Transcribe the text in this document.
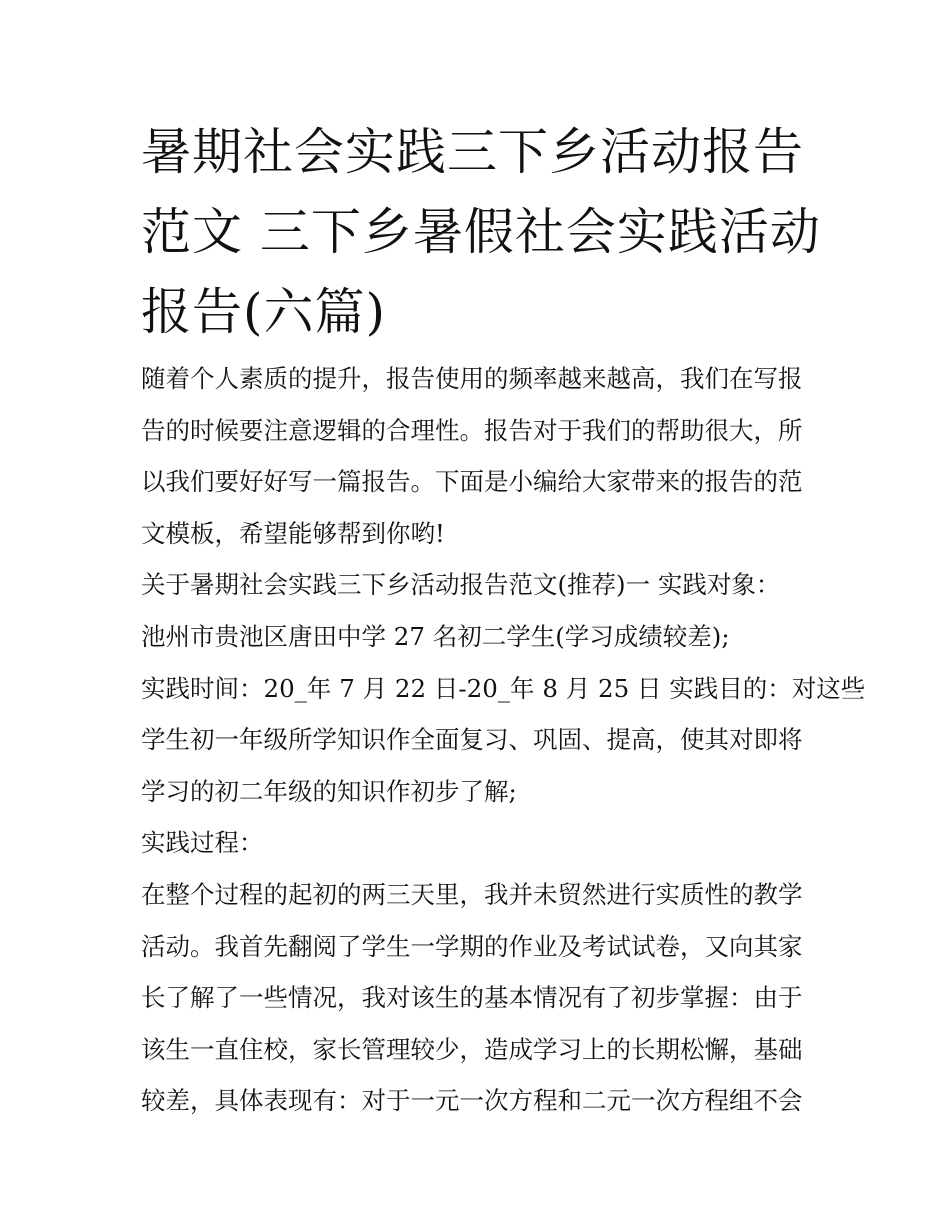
暑期社会实践三下乡活动报告
范文 三下乡暑假社会实践活动
报告(六篇)
随着个人素质的提升，报告使用的频率越来越高，我们在写报
告的时候要注意逻辑的合理性。报告对于我们的帮助很大，所
以我们要好好写一篇报告。下面是小编给大家带来的报告的范
文模板，希望能够帮到你哟!
关于暑期社会实践三下乡活动报告范文(推荐)一 实践对象：
池州市贵池区唐田中学 27 名初二学生(学习成绩较差);
实践时间：20_年 7 月 22 日-20_年 8 月 25 日 实践目的：对这些
学生初一年级所学知识作全面复习、巩固、提高，使其对即将
学习的初二年级的知识作初步了解;
实践过程：
在整个过程的起初的两三天里，我并未贸然进行实质性的教学
活动。我首先翻阅了学生一学期的作业及考试试卷，又向其家
长了解了一些情况，我对该生的基本情况有了初步掌握：由于
该生一直住校，家长管理较少，造成学习上的长期松懈，基础
较差，具体表现有：对于一元一次方程和二元一次方程组不会
